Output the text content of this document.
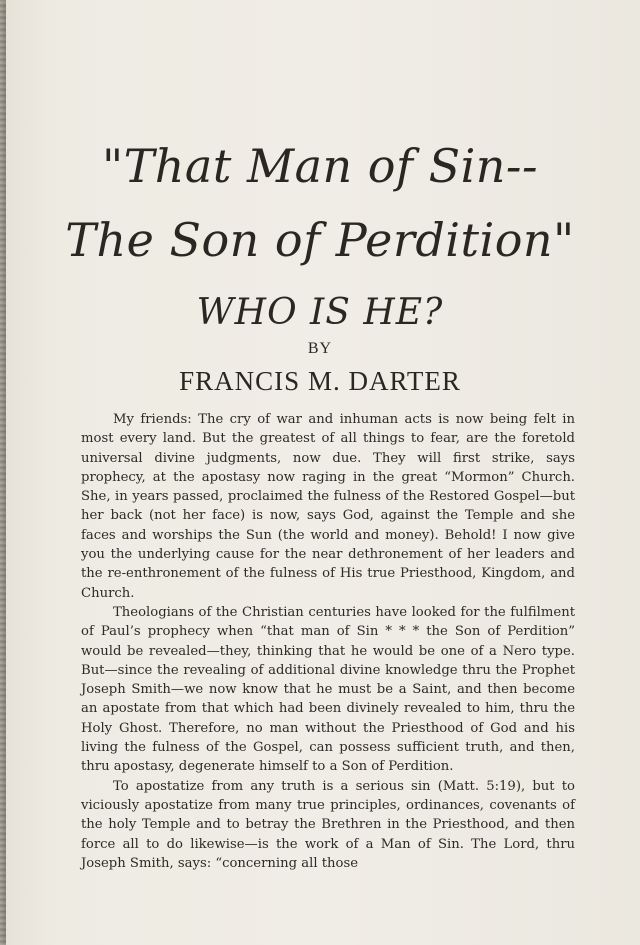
"That Man of Sin--
The Son of Perdition"
WHO IS HE?
BY
FRANCIS M. DARTER

My friends: The cry of war and inhuman acts is now being felt in most every land. But the greatest of all things to fear, are the foretold universal divine judgments, now due. They will first strike, says prophecy, at the apostasy now raging in the great “Mormon” Church. She, in years passed, proclaimed the fulness of the Restored Gospel—but her back (not her face) is now, says God, against the Temple and she faces and worships the Sun (the world and money). Behold! I now give you the underlying cause for the near dethronement of her leaders and the re-enthronement of the fulness of His true Priesthood, Kingdom, and Church.

Theologians of the Christian centuries have looked for the fulfilment of Paul’s prophecy when “that man of Sin * * * the Son of Perdition” would be revealed—they, thinking that he would be one of a Nero type. But—since the revealing of additional divine knowledge thru the Prophet Joseph Smith—we now know that he must be a Saint, and then become an apostate from that which had been divinely revealed to him, thru the Holy Ghost. Therefore, no man without the Priesthood of God and his living the fulness of the Gospel, can possess sufficient truth, and then, thru apostasy, degenerate himself to a Son of Perdition.

To apostatize from any truth is a serious sin (Matt. 5:19), but to viciously apostatize from many true principles, ordinances, covenants of the holy Temple and to betray the Brethren in the Priesthood, and then force all to do likewise—is the work of a Man of Sin. The Lord, thru Joseph Smith, says: “concerning all those
